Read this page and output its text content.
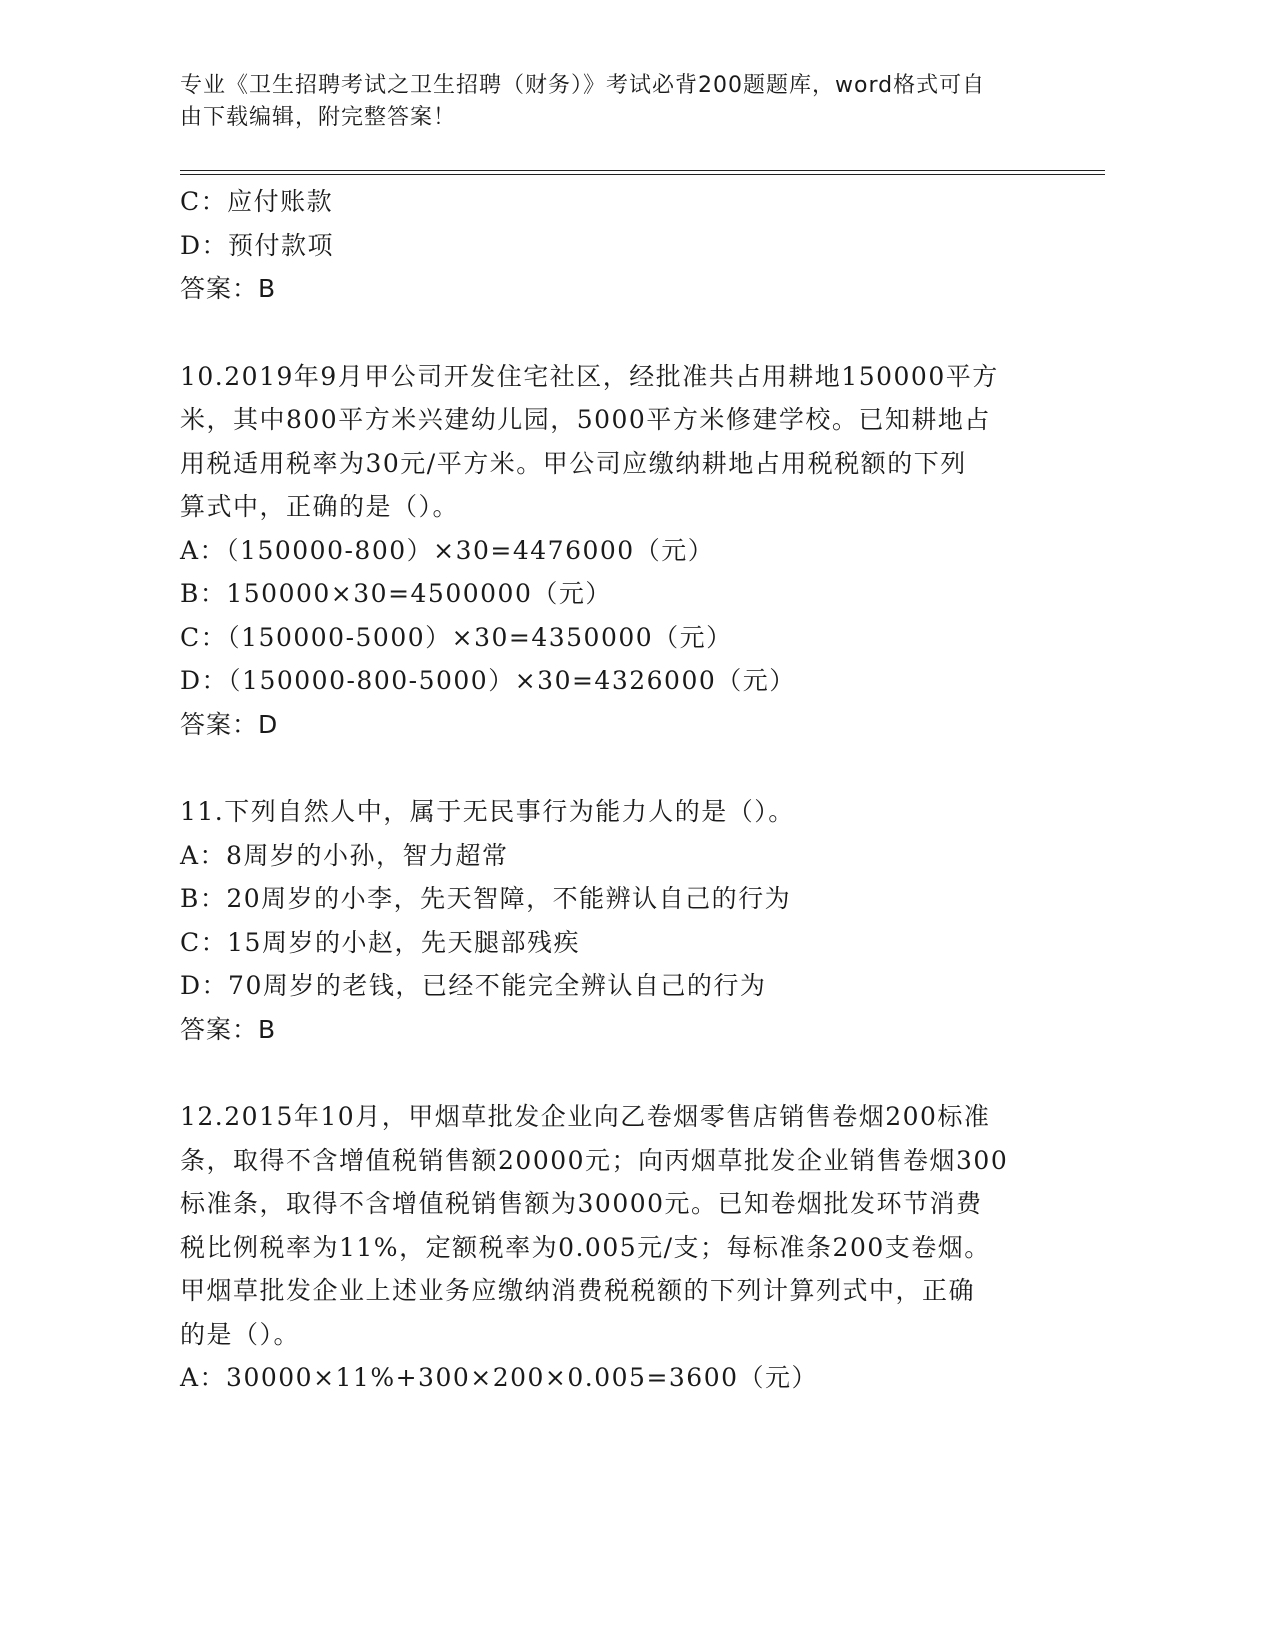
专业《卫生招聘考试之卫生招聘（财务）》考试必背200题题库，word格式可自
由下载编辑，附完整答案！
C：应付账款
D：预付款项
答案：B
10.2019年9月甲公司开发住宅社区，经批准共占用耕地150000平方
米，其中800平方米兴建幼儿园，5000平方米修建学校。已知耕地占
用税适用税率为30元/平方米。甲公司应缴纳耕地占用税税额的下列
算式中，正确的是（）。
A：（150000-800）×30=4476000（元）
B：150000×30=4500000（元）
C：（150000-5000）×30=4350000（元）
D：（150000-800-5000）×30=4326000（元）
答案：D
11.下列自然人中，属于无民事行为能力人的是（）。
A：8周岁的小孙，智力超常
B：20周岁的小李，先天智障，不能辨认自己的行为
C：15周岁的小赵，先天腿部残疾
D：70周岁的老钱，已经不能完全辨认自己的行为
答案：B
12.2015年10月，甲烟草批发企业向乙卷烟零售店销售卷烟200标准
条，取得不含增值税销售额20000元；向丙烟草批发企业销售卷烟300
标准条，取得不含增值税销售额为30000元。已知卷烟批发环节消费
税比例税率为11%，定额税率为0.005元/支；每标准条200支卷烟。
甲烟草批发企业上述业务应缴纳消费税税额的下列计算列式中，正确
的是（）。
A：30000×11%+300×200×0.005=3600（元）
